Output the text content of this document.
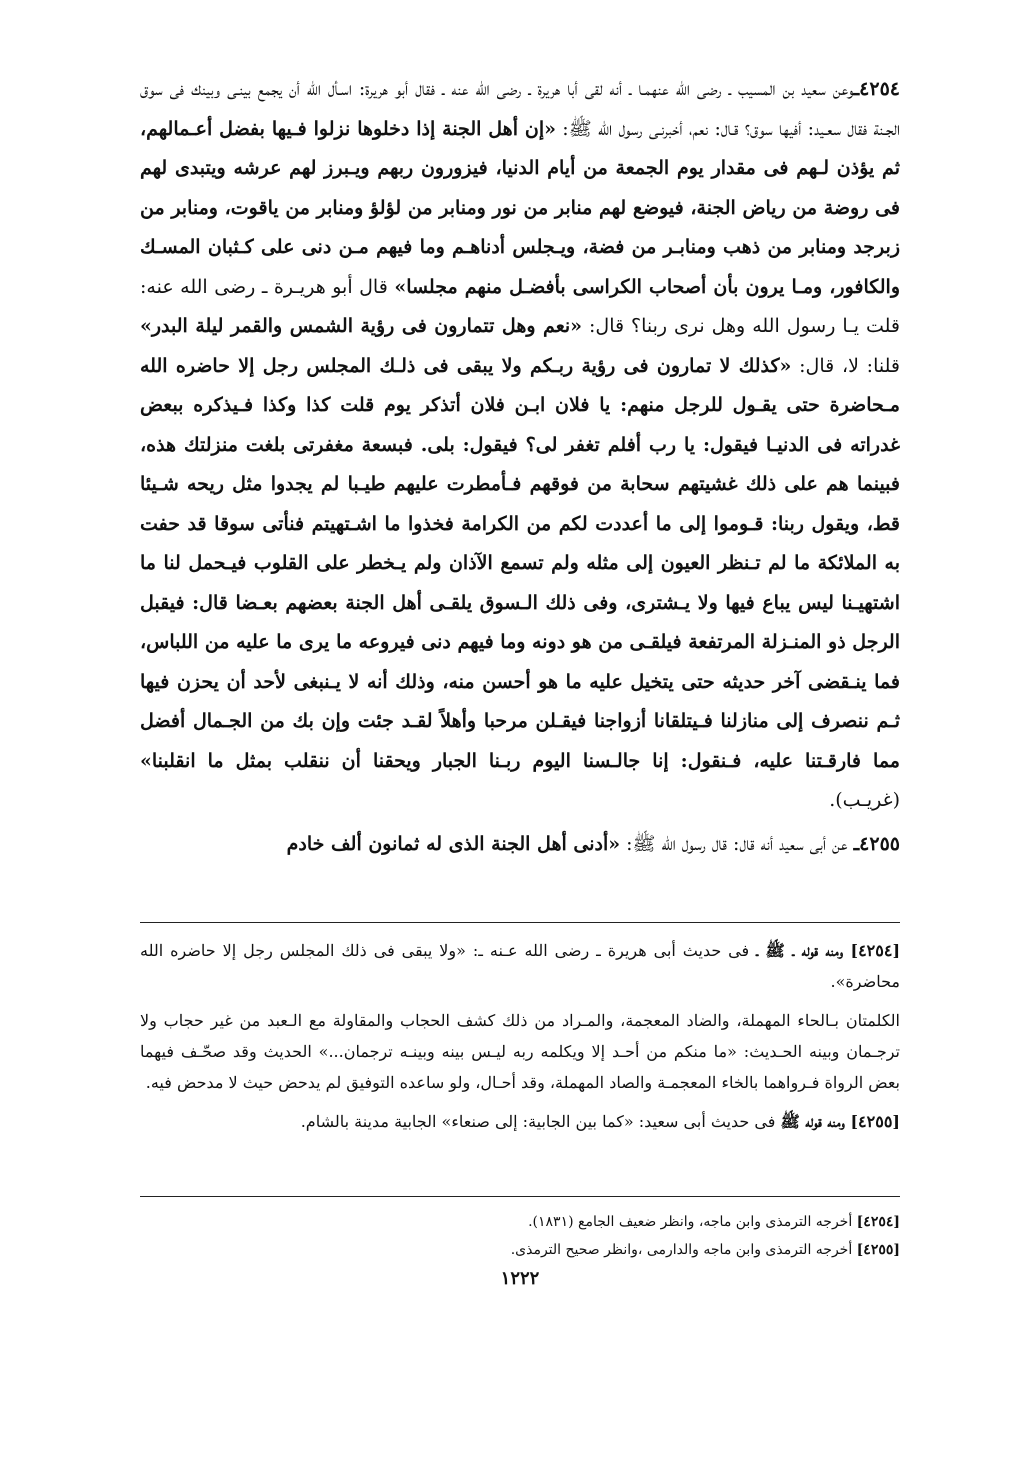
٤٢٥٤ـوعن سعيد بن المسيب ـ رضى الله عنهمـا ـ أنه لقى أبا هريرة ـ رضى الله عنه ـ فقال أبو هريرة: اسـأل الله أن يجمع بينـى وبينك فى سوق الجـنة فقال سعـيد: أفيها سوق؟ قـال: نعم، أخبرنـى رسول الله ﷺ: «إن أهل الجنة إذا دخلوها نزلوا فـيها بفضل أعـمالهم، ثم يؤذن لـهم فى مقدار يوم الجمعة من أيام الدنيا، فيزورون ربهم ويـبرز لهم عرشه ويتبدى لهم فى روضة من رياض الجنة، فيوضع لهم منابر من نور ومنابر من لؤلؤ ومنابر من ياقوت، ومنابر من زبرجد ومنابر من ذهب ومنابـر من فضة، ويـجلس أدناهـم وما فيهم مـن دنى على كـثبان المسـك والكافور، ومـا يرون بأن أصحاب الكراسى بأفضـل منهم مجلسا» قال أبو هريـرة ـ رضى الله عنه: قلت يـا رسول الله وهل نرى ربنا؟ قال: «نعم وهل تتمارون فى رؤية الشمس والقمر ليلة البدر» قلنا: لا، قال: «كذلك لا تمارون فى رؤية ربـكم ولا يبقى فى ذلـك المجلس رجل إلا حاضره الله مـحاضرة حتى يقـول للرجل منهم: يا فلان ابـن فلان أتذكر يوم قلت كذا وكذا فـيذكره ببعض غدراته فى الدنيـا فيقول: يا رب أفلم تغفر لى؟ فيقول: بلى. فبسعة مغفرتى بلغت منزلتك هذه، فبينما هم على ذلك غشيتهم سحابة من فوقهم فـأمطرت عليهم طيـبا لم يجدوا مثل ريحه شـيئا قط، ويقول ربنا: قـوموا إلى ما أعددت لكم من الكرامة فخذوا ما اشـتهيتم فنأتى سوقا قد حفت به الملائكة ما لم تـنظر العيون إلى مثله ولم تسمع الآذان ولم يـخطر على القلوب فيـحمل لنا ما اشتهيـنا ليس يباع فيها ولا يـشترى، وفى ذلك الـسوق يلقـى أهل الجنة بعضهم بعـضا قال: فيقبل الرجل ذو المنـزلة المرتفعة فيلقـى من هو دونه وما فيهم دنى فيروعه ما يرى ما عليه من اللباس، فما ينـقضى آخر حديثه حتى يتخيل عليه ما هو أحسن منه، وذلك أنه لا يـنبغى لأحد أن يحزن فيها ثـم ننصرف إلى منازلنا فـيتلقانا أزواجنا فيقـلن مرحبا وأهلاً لقـد جئت وإن بك من الجـمال أفضل مما فارقـتنا عليه، فـنقول: إنا جالـسنا اليوم ربـنا الجبار ويحقنا أن ننقلب بمثل ما انقلبنا» (غريـب).

٤٢٥٥ـ عن أبى سعيد أنه قال: قال رسول الله ﷺ: «أدنى أهل الجنة الذى له ثمانون ألف خادم

[٤٢٥٤] ومنه قوله ـ ﷺ ـ فى حديث أبى هريرة ـ رضى الله عـنه ـ: «ولا يبقى فى ذلك المجلس رجل إلا حاضره الله محاضرة».

الكلمتان بـالحاء المهملة، والضاد المعجمة، والمـراد من ذلك كشف الحجاب والمقاولة مع الـعبد من غير حجاب ولا ترجـمان وبينه الحـديث: «ما منكم من أحـد إلا ويكلمه ربه ليـس بينه وبينـه ترجمان...» الحديث وقد صحّـف فيهما بعض الرواة فـرواهما بالخاء المعجمـة والصاد المهملة، وقد أحـال، ولو ساعده التوفيق لم يدحض حيث لا مدحض فيه.

[٤٢٥٥] ومنه قوله ﷺ فى حديث أبى سعيد: «كما بين الجابية: إلى صنعاء» الجابية مدينة بالشام.

[٤٢٥٤] أخرجه الترمذى وابن ماجه، وانظر ضعيف الجامع (١٨٣١).
[٤٢٥٥] أخرجه الترمذى وابن ماجه والدارمى ،وانظر صحيح الترمذى.
١٢٢٢
